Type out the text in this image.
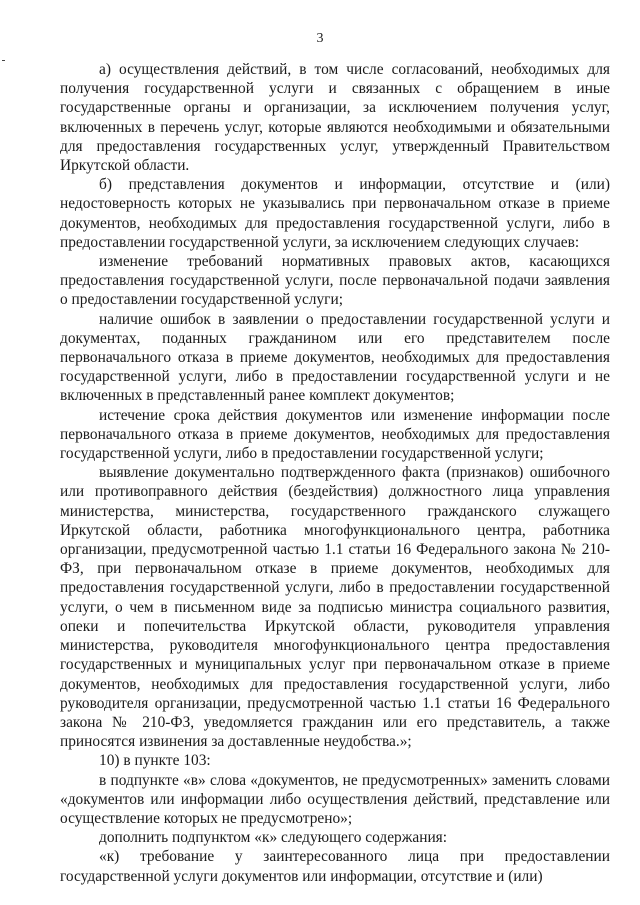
3

а) осуществления действий, в том числе согласований, необходимых для получения государственной услуги и связанных с обращением в иные государственные органы и организации, за исключением получения услуг, включенных в перечень услуг, которые являются необходимыми и обязательными для предоставления государственных услуг, утвержденный Правительством Иркутской области.

б) представления документов и информации, отсутствие и (или) недостоверность которых не указывались при первоначальном отказе в приеме документов, необходимых для предоставления государственной услуги, либо в предоставлении государственной услуги, за исключением следующих случаев:

изменение требований нормативных правовых актов, касающихся предоставления государственной услуги, после первоначальной подачи заявления о предоставлении государственной услуги;

наличие ошибок в заявлении о предоставлении государственной услуги и документах, поданных гражданином или его представителем после первоначального отказа в приеме документов, необходимых для предоставления государственной услуги, либо в предоставлении государственной услуги и не включенных в представленный ранее комплект документов;

истечение срока действия документов или изменение информации после первоначального отказа в приеме документов, необходимых для предоставления государственной услуги, либо в предоставлении государственной услуги;

выявление документально подтвержденного факта (признаков) ошибочного или противоправного действия (бездействия) должностного лица управления министерства, министерства, государственного гражданского служащего Иркутской области, работника многофункционального центра, работника организации, предусмотренной частью 1.1 статьи 16 Федерального закона № 210-ФЗ, при первоначальном отказе в приеме документов, необходимых для предоставления государственной услуги, либо в предоставлении государственной услуги, о чем в письменном виде за подписью министра социального развития, опеки и попечительства Иркутской области, руководителя управления министерства, руководителя многофункционального центра предоставления государственных и муниципальных услуг при первоначальном отказе в приеме документов, необходимых для предоставления государственной услуги, либо руководителя организации, предусмотренной частью 1.1 статьи 16 Федерального закона № 210-ФЗ, уведомляется гражданин или его представитель, а также приносятся извинения за доставленные неудобства.»;

10) в пункте 103:

в подпункте «в» слова «документов, не предусмотренных» заменить словами «документов или информации либо осуществления действий, представление или осуществление которых не предусмотрено»;

дополнить подпунктом «к» следующего содержания:

«к) требование у заинтересованного лица при предоставлении государственной услуги документов или информации, отсутствие и (или)
